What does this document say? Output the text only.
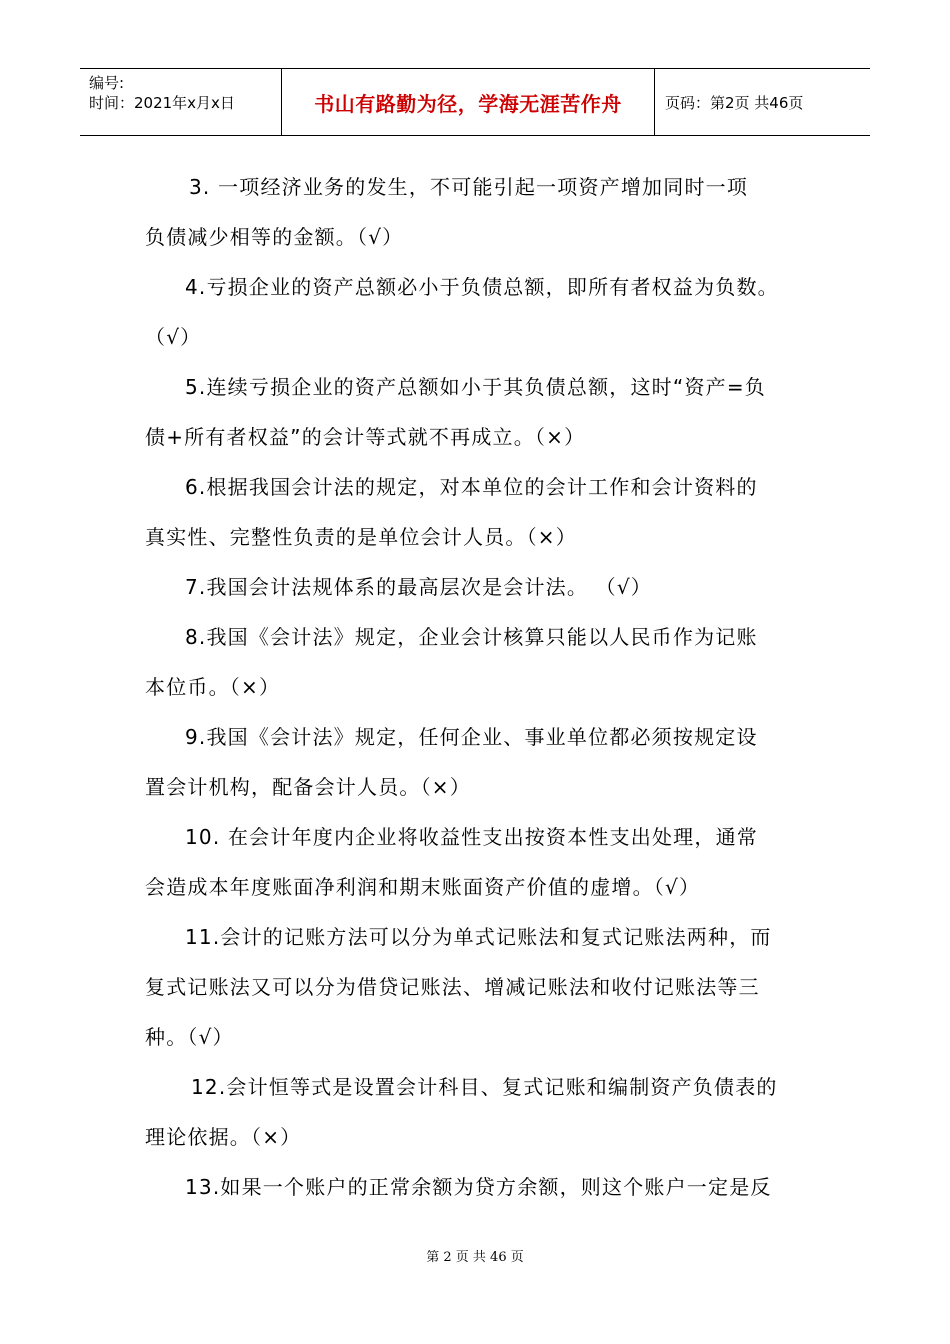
编号:
时间：2021年x月x日	书山有路勤为径，学海无涯苦作舟	页码：第2页 共46页
3. 一项经济业务的发生，不可能引起一项资产增加同时一项
负债减少相等的金额。（√）
4.亏损企业的资产总额必小于负债总额，即所有者权益为负数。
（√）
5.连续亏损企业的资产总额如小于其负债总额，这时“资产=负
债+所有者权益”的会计等式就不再成立。（×）
6.根据我国会计法的规定，对本单位的会计工作和会计资料的
真实性、完整性负责的是单位会计人员。（×）
7.我国会计法规体系的最高层次是会计法。 （√）
8.我国《会计法》规定，企业会计核算只能以人民币作为记账
本位币。（×）
9.我国《会计法》规定，任何企业、事业单位都必须按规定设
置会计机构，配备会计人员。（×）
10. 在会计年度内企业将收益性支出按资本性支出处理，通常
会造成本年度账面净利润和期末账面资产价值的虚增。（√）
11.会计的记账方法可以分为单式记账法和复式记账法两种，而
复式记账法又可以分为借贷记账法、增减记账法和收付记账法等三
种。（√）
12.会计恒等式是设置会计科目、复式记账和编制资产负债表的
理论依据。（×）
13.如果一个账户的正常余额为贷方余额，则这个账户一定是反
第 2 页 共 46 页
